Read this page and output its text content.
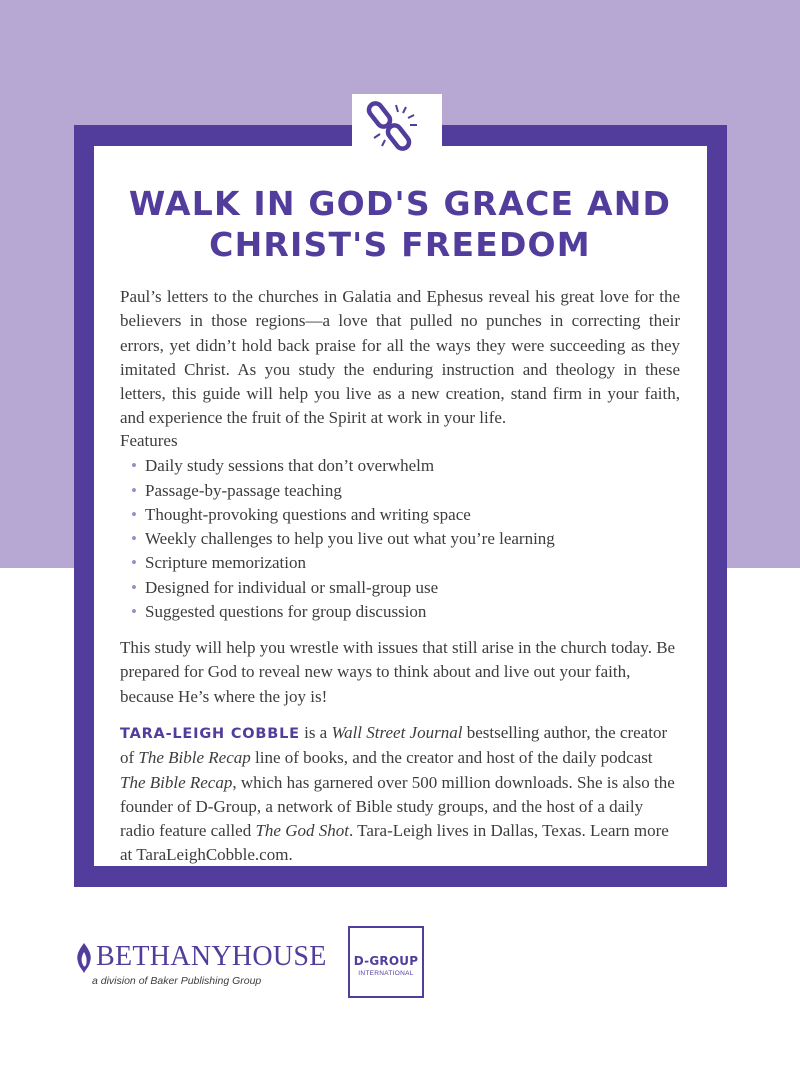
WALK IN GOD'S GRACE AND
CHRIST'S FREEDOM

Paul’s letters to the churches in Galatia and Ephesus reveal his great love for the believers in those regions—a love that pulled no punches in correcting their errors, yet didn’t hold back praise for all the ways they were succeeding as they imitated Christ. As you study the enduring instruction and theology in these letters, this guide will help you live as a new creation, stand firm in your faith, and experience the fruit of the Spirit at work in your life.

Features

• Daily study sessions that don’t overwhelm
• Passage-by-passage teaching
• Thought-provoking questions and writing space
• Weekly challenges to help you live out what you’re learning
• Scripture memorization
• Designed for individual or small-group use
• Suggested questions for group discussion

This study will help you wrestle with issues that still arise in the church today. Be prepared for God to reveal new ways to think about and live out your faith, because He’s where the joy is!

TARA-LEIGH COBBLE is a Wall Street Journal bestselling author, the creator of The Bible Recap line of books, and the creator and host of the daily podcast The Bible Recap, which has garnered over 500 million downloads. She is also the founder of D-Group, a network of Bible study groups, and the host of a daily radio feature called The God Shot. Tara-Leigh lives in Dallas, Texas. Learn more at TaraLeighCobble.com.

BETHANYHOUSE
a division of Baker Publishing Group
D-GROUP
INTERNATIONAL
